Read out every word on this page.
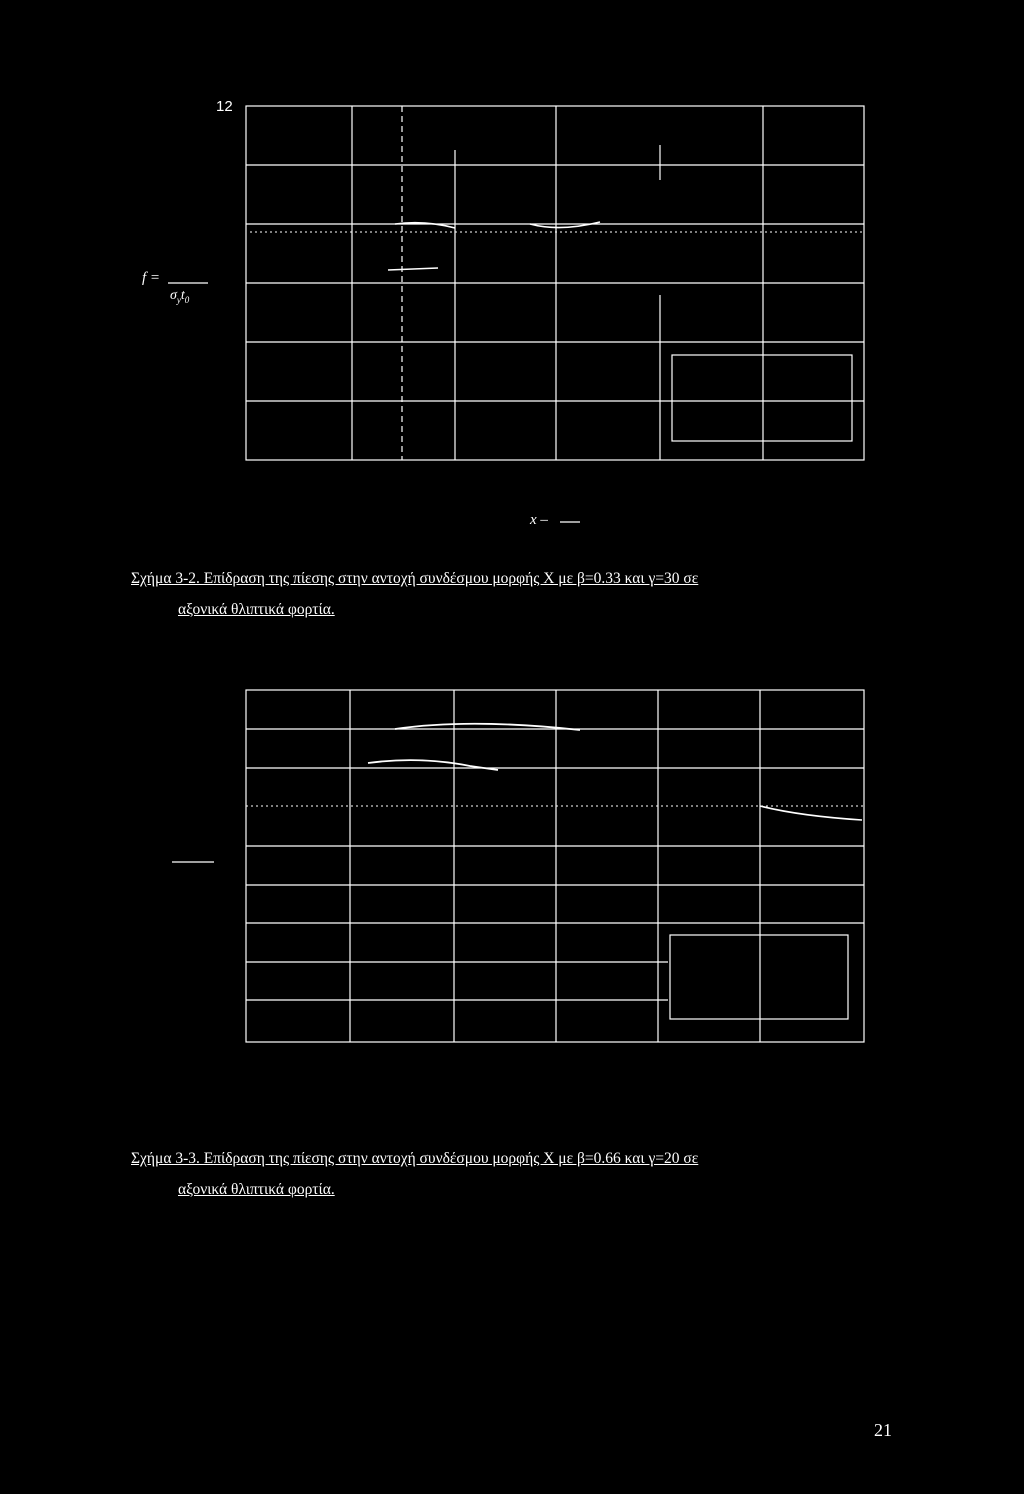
12
f =
$\sigma_yt_0$
x –
Σχήμα 3-2. Επίδραση της πίεσης στην αντοχή συνδέσμου μορφής X με β=0.33 και γ=30 σε
αξονικά θλιπτικά φορτία.
Σχήμα 3-3. Επίδραση της πίεσης στην αντοχή συνδέσμου μορφής X με β=0.66 και γ=20 σε
αξονικά θλιπτικά φορτία.
21
